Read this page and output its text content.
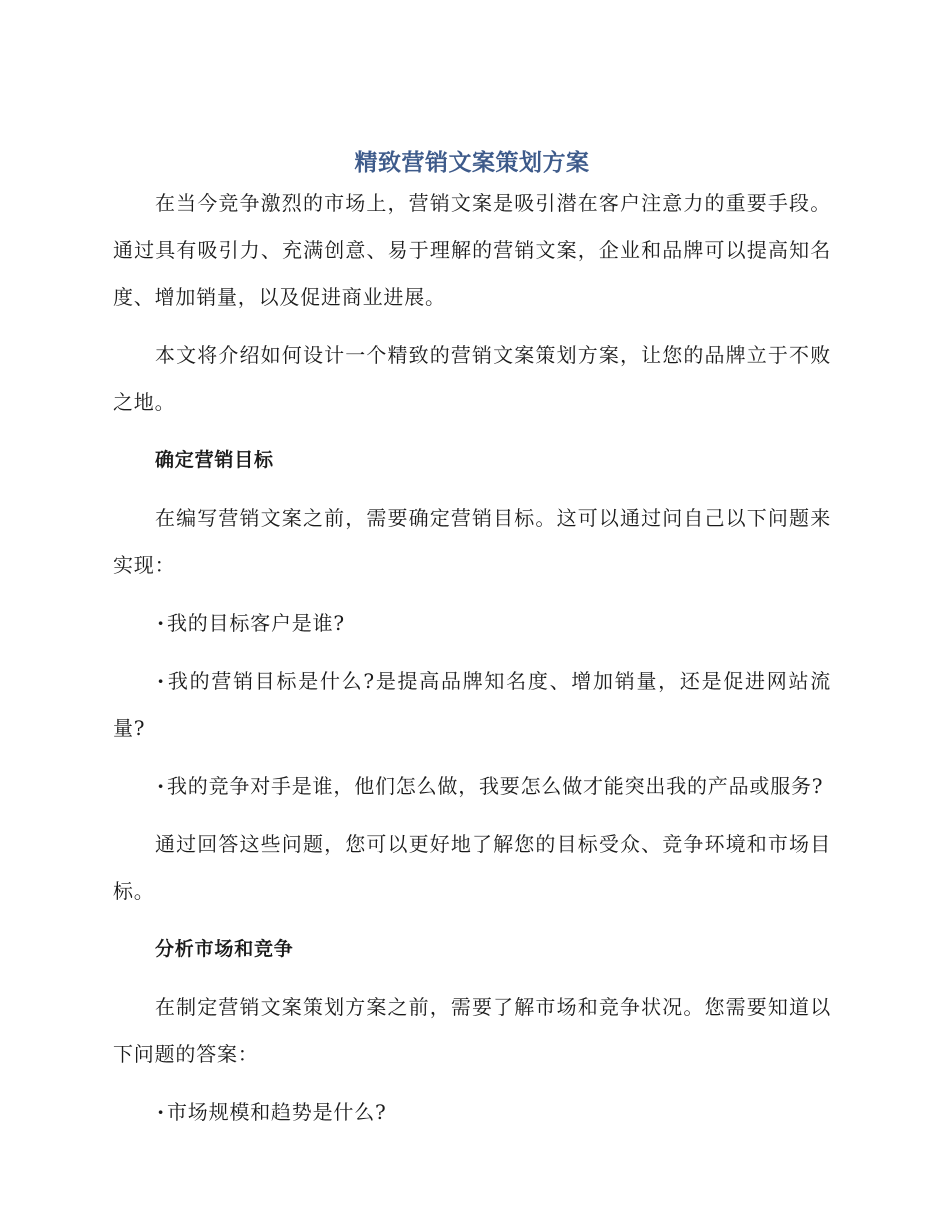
精致营销文案策划方案

在当今竞争激烈的市场上，营销文案是吸引潜在客户注意力的重要手段。通过具有吸引力、充满创意、易于理解的营销文案，企业和品牌可以提高知名度、增加销量，以及促进商业进展。

本文将介绍如何设计一个精致的营销文案策划方案，让您的品牌立于不败之地。

确定营销目标

在编写营销文案之前，需要确定营销目标。这可以通过问自己以下问题来实现：

· 我的目标客户是谁?

· 我的营销目标是什么?是提高品牌知名度、增加销量，还是促进网站流量?

· 我的竞争对手是谁，他们怎么做，我要怎么做才能突出我的产品或服务?

通过回答这些问题，您可以更好地了解您的目标受众、竞争环境和市场目标。

分析市场和竞争

在制定营销文案策划方案之前，需要了解市场和竞争状况。您需要知道以下问题的答案：

· 市场规模和趋势是什么?
